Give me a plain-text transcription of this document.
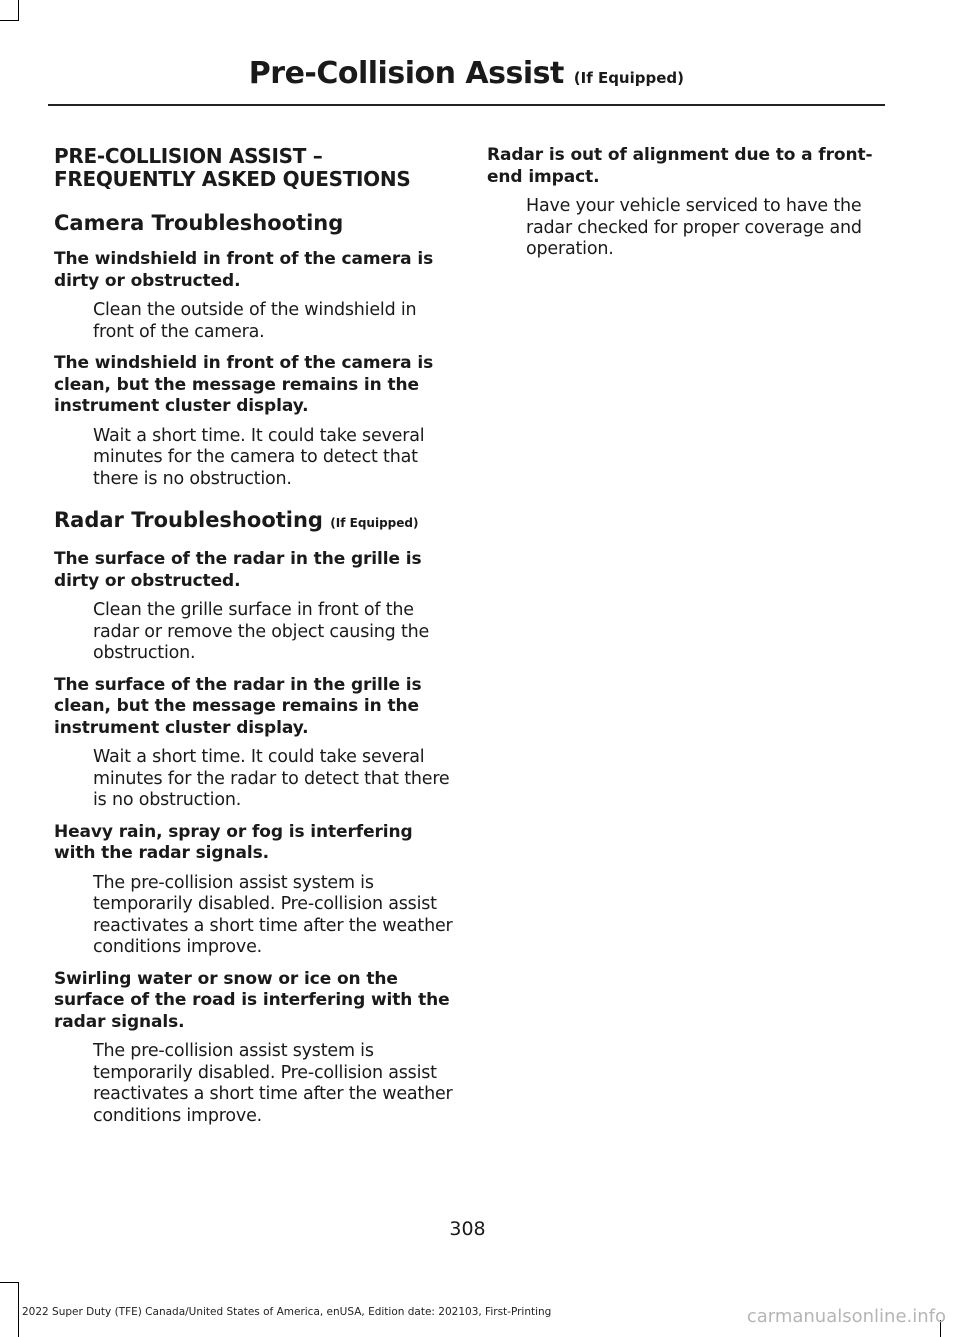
Pre-Collision Assist (If Equipped)
PRE-COLLISION ASSIST –
FREQUENTLY ASKED QUESTIONS
Camera Troubleshooting
The windshield in front of the camera is dirty or obstructed.
Clean the outside of the windshield in front of the camera.
The windshield in front of the camera is clean, but the message remains in the instrument cluster display.
Wait a short time. It could take several minutes for the camera to detect that there is no obstruction.
Radar Troubleshooting (If Equipped)
The surface of the radar in the grille is dirty or obstructed.
Clean the grille surface in front of the radar or remove the object causing the obstruction.
The surface of the radar in the grille is clean, but the message remains in the instrument cluster display.
Wait a short time. It could take several minutes for the radar to detect that there is no obstruction.
Heavy rain, spray or fog is interfering with the radar signals.
The pre-collision assist system is temporarily disabled. Pre-collision assist reactivates a short time after the weather conditions improve.
Swirling water or snow or ice on the surface of the road is interfering with the radar signals.
The pre-collision assist system is temporarily disabled. Pre-collision assist reactivates a short time after the weather conditions improve.
Radar is out of alignment due to a front-end impact.
Have your vehicle serviced to have the radar checked for proper coverage and operation.
308
2022 Super Duty (TFE) Canada/United States of America, enUSA, Edition date: 202103, First-Printing	carmanualsonline.info
